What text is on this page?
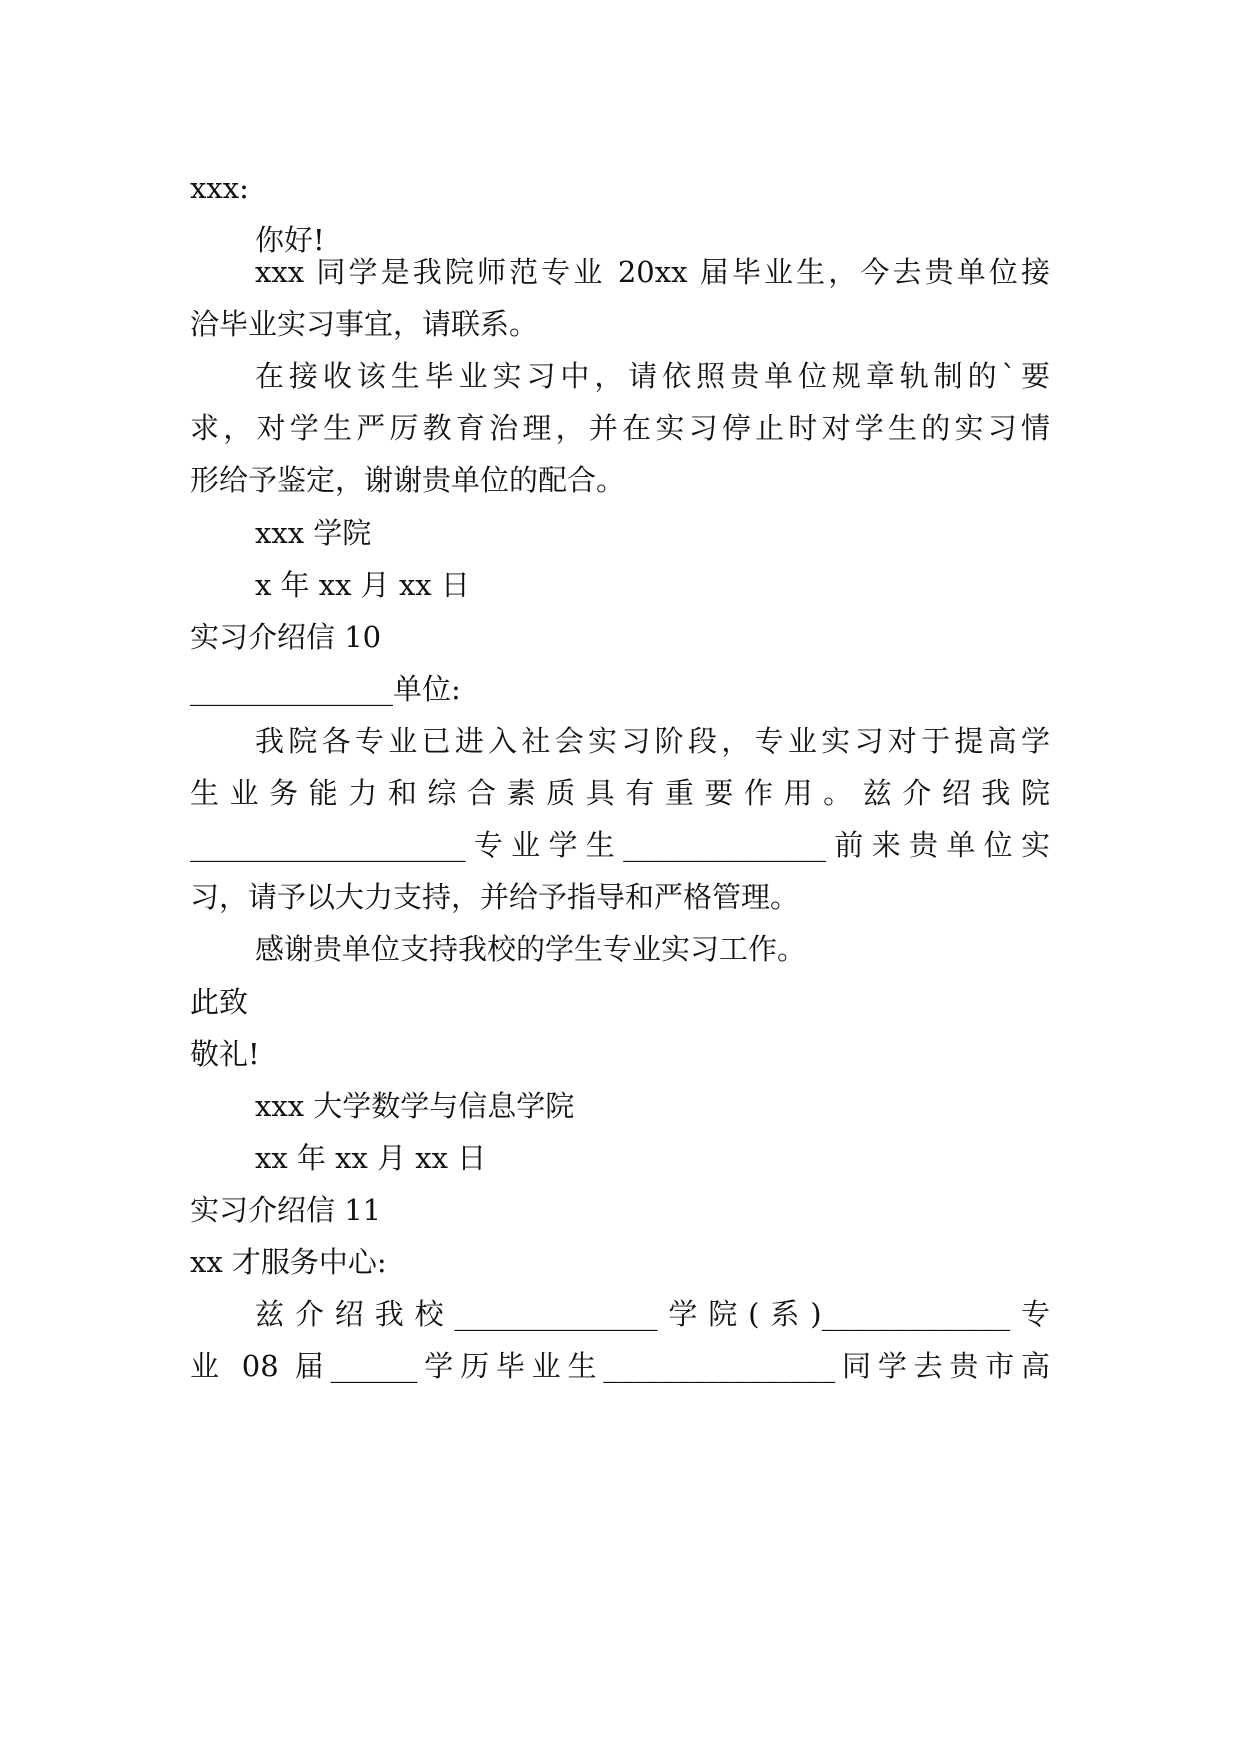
xxx:
你好!
xxx 同学是我院师范专业 20xx 届毕业生，今去贵单位接
洽毕业实习事宜，请联系。
在接收该生毕业实习中，请依照贵单位规章轨制的`要
求，对学生严厉教育治理，并在实习停止时对学生的实习情
形给予鉴定，谢谢贵单位的配合。
xxx 学院
x 年 xx 月 xx 日
实习介绍信 10
______________单位:
我院各专业已进入社会实习阶段，专业实习对于提高学
生业务能力和综合素质具有重要作用。兹介绍我院
___________________专业学生______________前来贵单位实
习，请予以大力支持，并给予指导和严格管理。
感谢贵单位支持我校的学生专业实习工作。
此致
敬礼!
xxx 大学数学与信息学院
xx 年 xx 月 xx 日
实习介绍信 11
xx 才服务中心:
兹介绍我校______________学院(系)_____________专
业 08 届______学历毕业生________________同学去贵市高
